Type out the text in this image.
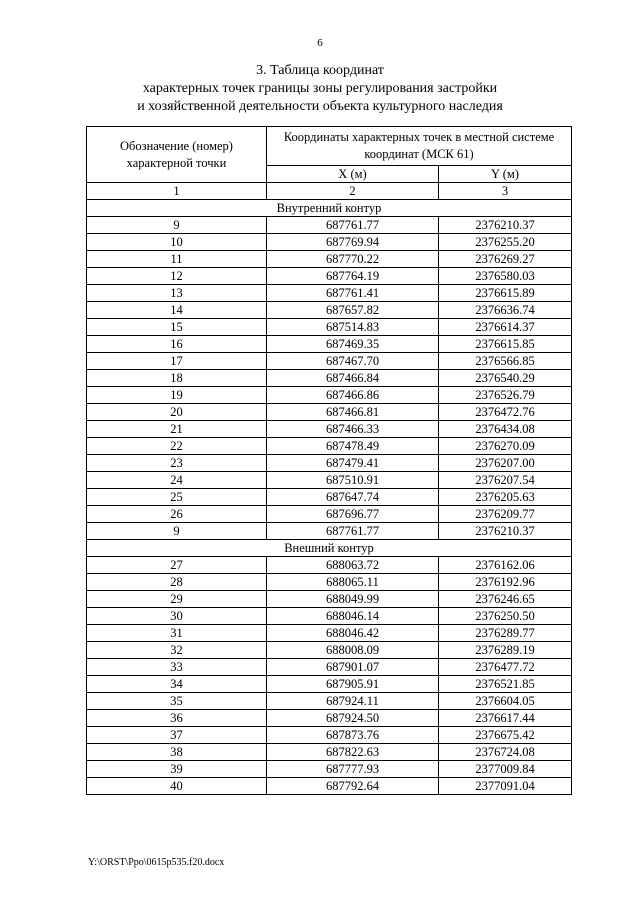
6
3. Таблица координат
характерных точек границы зоны регулирования застройки
и хозяйственной деятельности объекта культурного наследия
Обозначение (номер) характерной точки	Координаты характерных точек в местной системе координат (МСК 61)	
	X (м)	Y (м)
1	2	3
Внутренний контур		
9	687761.77	2376210.37
10	687769.94	2376255.20
11	687770.22	2376269.27
12	687764.19	2376580.03
13	687761.41	2376615.89
14	687657.82	2376636.74
15	687514.83	2376614.37
16	687469.35	2376615.85
17	687467.70	2376566.85
18	687466.84	2376540.29
19	687466.86	2376526.79
20	687466.81	2376472.76
21	687466.33	2376434.08
22	687478.49	2376270.09
23	687479.41	2376207.00
24	687510.91	2376207.54
25	687647.74	2376205.63
26	687696.77	2376209.77
9	687761.77	2376210.37
Внешний контур		
27	688063.72	2376162.06
28	688065.11	2376192.96
29	688049.99	2376246.65
30	688046.14	2376250.50
31	688046.42	2376289.77
32	688008.09	2376289.19
33	687901.07	2376477.72
34	687905.91	2376521.85
35	687924.11	2376604.05
36	687924.50	2376617.44
37	687873.76	2376675.42
38	687822.63	2376724.08
39	687777.93	2377009.84
40	687792.64	2377091.04
Y:\ORST\Ppo\0615p535.f20.docx
